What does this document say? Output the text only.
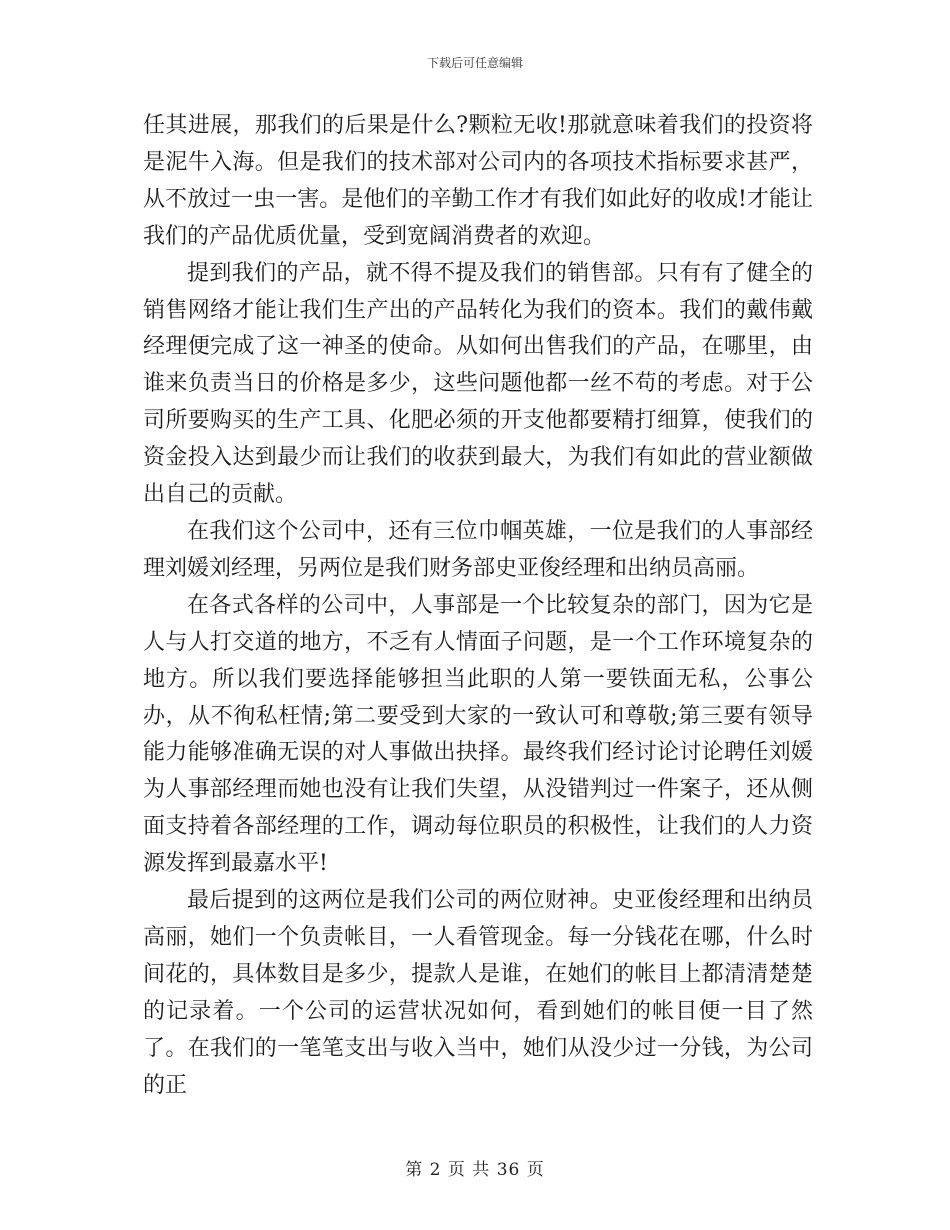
下载后可任意编辑

任其进展，那我们的后果是什么?颗粒无收!那就意味着我们的投资将是泥牛入海。但是我们的技术部对公司内的各项技术指标要求甚严，从不放过一虫一害。是他们的辛勤工作才有我们如此好的收成!才能让我们的产品优质优量，受到宽阔消费者的欢迎。

提到我们的产品，就不得不提及我们的销售部。只有有了健全的销售网络才能让我们生产出的产品转化为我们的资本。我们的戴伟戴经理便完成了这一神圣的使命。从如何出售我们的产品，在哪里，由谁来负责当日的价格是多少，这些问题他都一丝不苟的考虑。对于公司所要购买的生产工具、化肥必须的开支他都要精打细算，使我们的资金投入达到最少而让我们的收获到最大，为我们有如此的营业额做出自己的贡献。

在我们这个公司中，还有三位巾帼英雄，一位是我们的人事部经理刘媛刘经理，另两位是我们财务部史亚俊经理和出纳员高丽。

在各式各样的公司中，人事部是一个比较复杂的部门，因为它是人与人打交道的地方，不乏有人情面子问题，是一个工作环境复杂的地方。所以我们要选择能够担当此职的人第一要铁面无私，公事公办，从不徇私枉情;第二要受到大家的一致认可和尊敬;第三要有领导能力能够准确无误的对人事做出抉择。最终我们经讨论讨论聘任刘媛为人事部经理而她也没有让我们失望，从没错判过一件案子，还从侧面支持着各部经理的工作，调动每位职员的积极性，让我们的人力资源发挥到最嘉水平!

最后提到的这两位是我们公司的两位财神。史亚俊经理和出纳员高丽，她们一个负责帐目，一人看管现金。每一分钱花在哪，什么时间花的，具体数目是多少，提款人是谁，在她们的帐目上都清清楚楚的记录着。一个公司的运营状况如何，看到她们的帐目便一目了然了。在我们的一笔笔支出与收入当中，她们从没少过一分钱，为公司的正

第 2 页 共 36 页
